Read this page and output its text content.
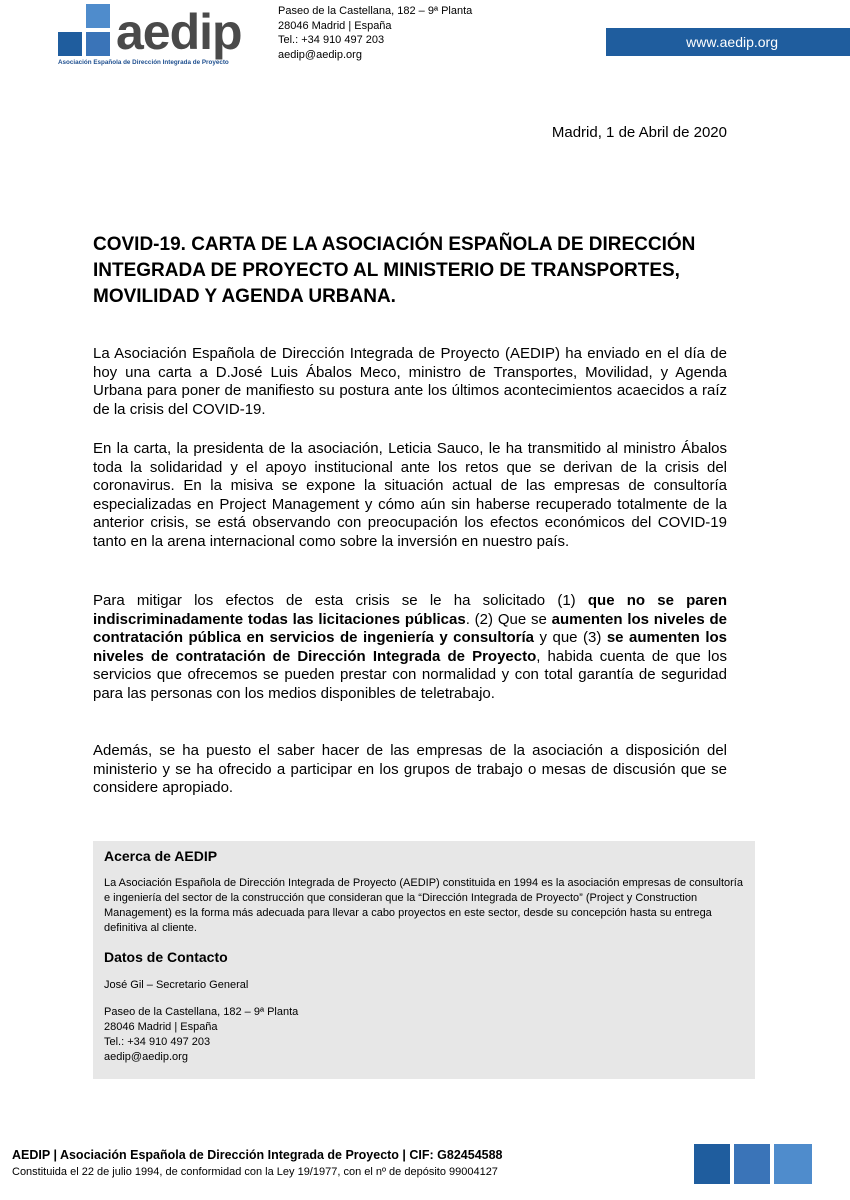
aedip
Asociación Española de Dirección Integrada de Proyecto
Paseo de la Castellana, 182 – 9ª Planta
28046 Madrid | España
Tel.: +34 910 497 203
aedip@aedip.org
www.aedip.org
Madrid, 1 de Abril de 2020
COVID-19. CARTA DE LA ASOCIACIÓN ESPAÑOLA DE DIRECCIÓN INTEGRADA DE PROYECTO AL MINISTERIO DE TRANSPORTES, MOVILIDAD Y AGENDA URBANA.
La Asociación Española de Dirección Integrada de Proyecto (AEDIP) ha enviado en el día de hoy una carta a D.José Luis Ábalos Meco, ministro de Transportes, Movilidad, y Agenda Urbana para poner de manifiesto su postura ante los últimos acontecimientos acaecidos a raíz de la crisis del COVID-19.
En la carta, la presidenta de la asociación, Leticia Sauco, le ha transmitido al ministro Ábalos toda la solidaridad y el apoyo institucional ante los retos que se derivan de la crisis del coronavirus. En la misiva se expone la situación actual de las empresas de consultoría especializadas en Project Management y cómo aún sin haberse recuperado totalmente de la anterior crisis, se está observando con preocupación los efectos económicos del COVID-19 tanto en la arena internacional como sobre la inversión en nuestro país.
Para mitigar los efectos de esta crisis se le ha solicitado (1) que no se paren indiscriminadamente todas las licitaciones públicas. (2) Que se aumenten los niveles de contratación pública en servicios de ingeniería y consultoría y que (3) se aumenten los niveles de contratación de Dirección Integrada de Proyecto, habida cuenta de que los servicios que ofrecemos se pueden prestar con normalidad y con total garantía de seguridad para las personas con los medios disponibles de teletrabajo.
Además, se ha puesto el saber hacer de las empresas de la asociación a disposición del ministerio y se ha ofrecido a participar en los grupos de trabajo o mesas de discusión que se considere apropiado.
Acerca de AEDIP
La Asociación Española de Dirección Integrada de Proyecto (AEDIP) constituida en 1994 es la asociación empresas de consultoría e ingeniería del sector de la construcción que consideran que la “Dirección Integrada de Proyecto” (Project y Construction Management) es la forma más adecuada para llevar a cabo proyectos en este sector, desde su concepción hasta su entrega definitiva al cliente.
Datos de Contacto
José Gil – Secretario General
Paseo de la Castellana, 182 – 9ª Planta
28046 Madrid | España
Tel.: +34 910 497 203
aedip@aedip.org
AEDIP | Asociación Española de Dirección Integrada de Proyecto | CIF: G82454588
Constituida el 22 de julio 1994, de conformidad con la Ley 19/1977, con el nº de depósito 99004127
